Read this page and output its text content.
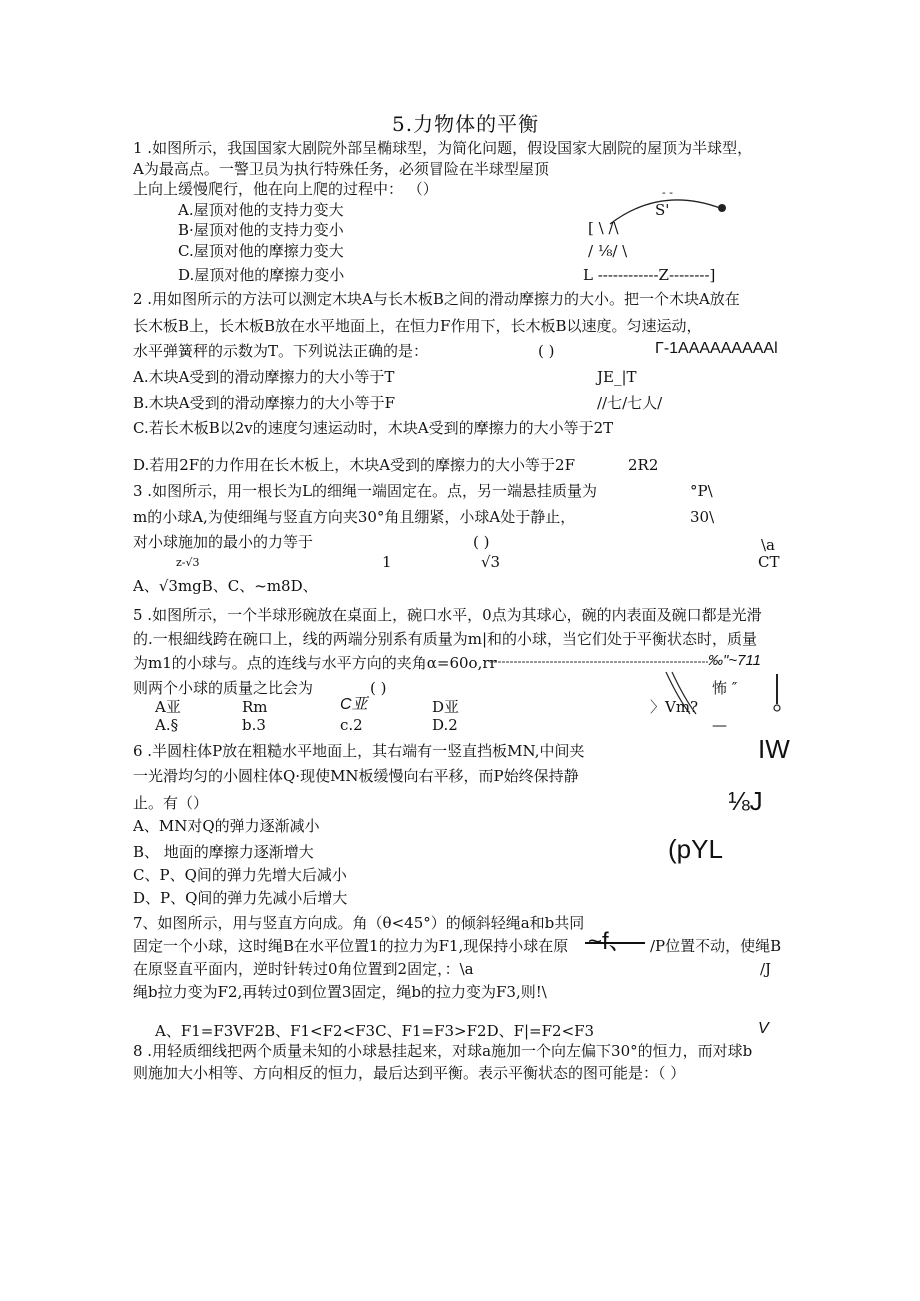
5.力物体的平衡
1 .如图所示，我国国家大剧院外部呈椭球型，为简化问题，假设国家大剧院的屋顶为半球型，
A为最高点。一警卫员为执行特殊任务，必须冒险在半球型屋顶
上向上缓慢爬行，他在向上爬的过程中： （）
A.屋顶对他的支持力变大
B·屋顶对他的支持力变小
C.屋顶对他的摩擦力变大
D.屋顶对他的摩擦力变小
- -
S'
[ \ /\
/ ⅛/ \
L ------------Z--------]
2 .用如图所示的方法可以测定木块A与长木板B之间的滑动摩擦力的大小。把一个木块A放在
长木板B上，长木板B放在水平地面上，在恒力F作用下，长木板B以速度。匀速运动，
水平弹簧秤的示数为T。下列说法正确的是：	( )	Γ-1AAAAAAAAAl
A.木块A受到的滑动摩擦力的大小等于T	JE_|T
B.木块A受到的滑动摩擦力的大小等于F	//七/七人/
C.若长木板B以2v的速度匀速运动时，木块A受到的摩擦力的大小等于2T
D.若用2F的力作用在长木板上，木块A受到的摩擦力的大小等于2F	2R2
3 .如图所示，用一根长为L的细绳一端固定在。点，另一端悬挂质量为	°P\
m的小球A,为使细绳与竖直方向夹30°角且绷紧，小球A处于静止，	30\
对小球施加的最小的力等于	( )	\a
z-√3	1	√3	CT
A、√3mgB、C、~m8D、
5 .如图所示，一个半球形碗放在桌面上，碗口水平，0点为其球心，碗的内表面及碗口都是光滑
的.一根細线跨在碗口上，线的两端分别系有质量为m|和的小球，当它们处于平衡状态时，质量
为m1的小球与。点的连线与水平方向的夹角α=60o,rr	‰"~711
则两个小球的质量之比会为	( )	怖 ″
A亚	Rm	C亚	D亚	〉Vm?
A.§	b.3	c.2	D.2	—
6 .半圆柱体P放在粗糙水平地面上，其右端有一竖直挡板MN,中间夹	IW
一光滑均匀的小圆柱体Q·现使MN板缓慢向右平移，而P始终保持静
止。有（）	⅛J
A、MN对Q的弹力逐渐减小
B、 地面的摩擦力逐渐增大	(pYL
C、P、Q间的弹力先增大后减小
D、P、Q间的弹力先减小后增大
7、如图所示，用与竖直方向成。角（θ<45°）的倾斜轻绳a和b共同
固定一个小球，这时绳B在水平位置1的拉力为F1,现保持小球在原 ~f、 /P位置不动，使绳B
在原竖直平面内，逆时针转过0角位置到2固定，：\a	/J
绳b拉力变为F2,再转过0到位置3固定，绳b的拉力变为F3,则!\
A、F1=F3VF2B、F1<F2<F3C、F1=F3>F2D、F|=F2<F3	V
8 .用轻质细线把两个质量未知的小球悬挂起来，对球a施加一个向左偏下30°的恒力，而对球b
则施加大小相等、方向相反的恒力，最后达到平衡。表示平衡状态的图可能是：（ ）
